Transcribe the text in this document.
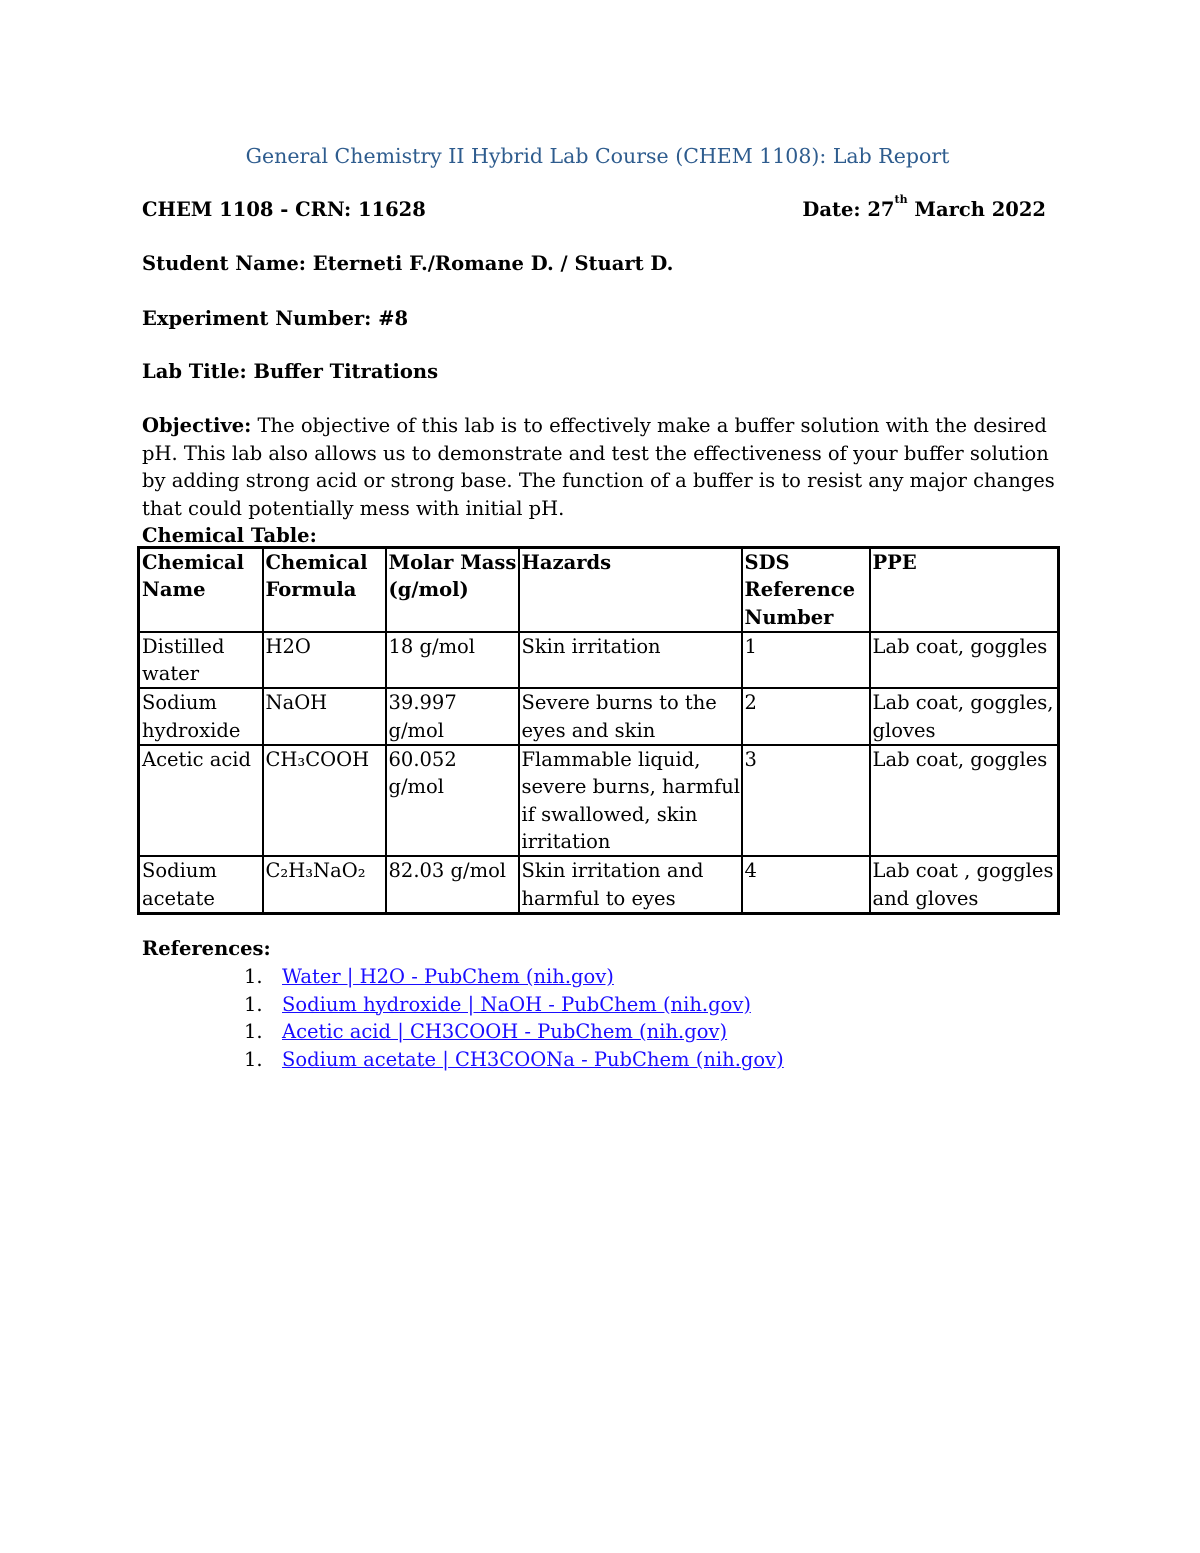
General Chemistry II Hybrid Lab Course (CHEM 1108): Lab Report
CHEM 1108 - CRN: 11628	Date: 27th March 2022
Student Name: Eterneti F./Romane D. / Stuart D.
Experiment Number: #8
Lab Title: Buffer Titrations
Objective: The objective of this lab is to effectively make a buffer solution with the desired pH. This lab also allows us to demonstrate and test the effectiveness of your buffer solution by adding strong acid or strong base. The function of a buffer is to resist any major changes that could potentially mess with initial pH.
Chemical Table:
Chemical Name	Chemical Formula	Molar Mass (g/mol)	Hazards	SDS Reference Number	PPE
Distilled water	H2O	18 g/mol	Skin irritation	1	Lab coat, goggles
Sodium hydroxide	NaOH	39.997 g/mol	Severe burns to the eyes and skin	2	Lab coat, goggles, gloves
Acetic acid	CH₃COOH	60.052 g/mol	Flammable liquid, severe burns, harmful if swallowed, skin irritation	3	Lab coat, goggles
Sodium acetate	C₂H₃NaO₂	82.03 g/mol	Skin irritation and harmful to eyes	4	Lab coat , goggles and gloves
References:
1. Water | H2O - PubChem (nih.gov)
1. Sodium hydroxide | NaOH - PubChem (nih.gov)
1. Acetic acid | CH3COOH - PubChem (nih.gov)
1. Sodium acetate | CH3COONa - PubChem (nih.gov)
